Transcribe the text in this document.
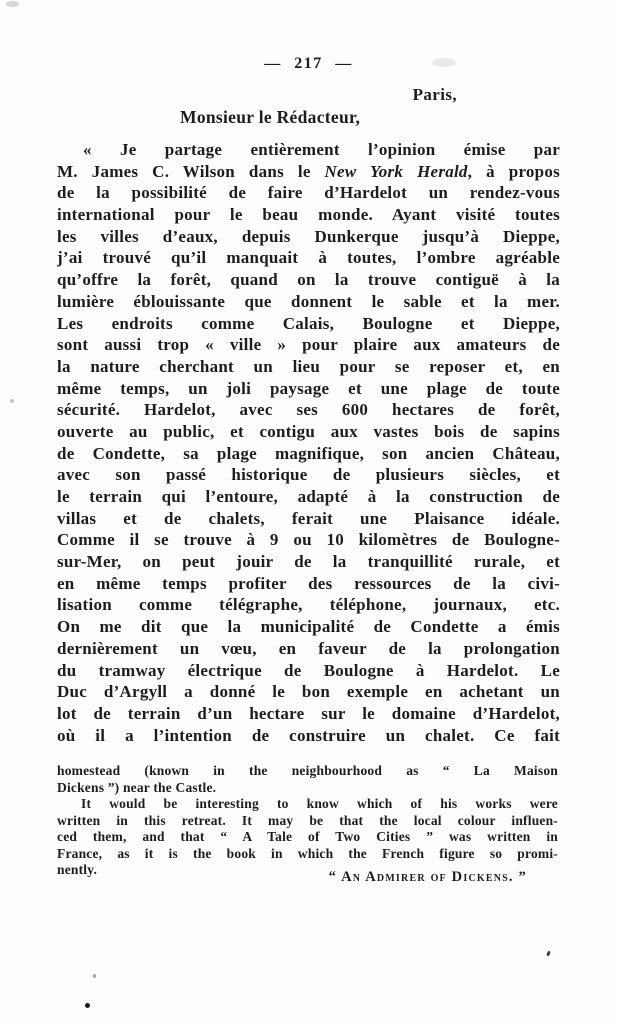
— 217 —
Paris,
Monsieur le Rédacteur,
« Je partage entièrement l’opinion émise par
M. James C. Wilson dans le New York Herald, à propos
de la possibilité de faire d’Hardelot un rendez-vous
international pour le beau monde. Ayant visité toutes
les villes d’eaux, depuis Dunkerque jusqu’à Dieppe,
j’ai trouvé qu’il manquait à toutes, l’ombre agréable
qu’offre la forêt, quand on la trouve contiguë à la
lumière éblouissante que donnent le sable et la mer.
Les endroits comme Calais, Boulogne et Dieppe,
sont aussi trop « ville » pour plaire aux amateurs de
la nature cherchant un lieu pour se reposer et, en
même temps, un joli paysage et une plage de toute
sécurité. Hardelot, avec ses 600 hectares de forêt,
ouverte au public, et contigu aux vastes bois de sapins
de Condette, sa plage magnifique, son ancien Château,
avec son passé historique de plusieurs siècles, et
le terrain qui l’entoure, adapté à la construction de
villas et de chalets, ferait une Plaisance idéale.
Comme il se trouve à 9 ou 10 kilomètres de Boulogne-
sur-Mer, on peut jouir de la tranquillité rurale, et
en même temps profiter des ressources de la civi-
lisation comme télégraphe, téléphone, journaux, etc.
On me dit que la municipalité de Condette a émis
dernièrement un vœu, en faveur de la prolongation
du tramway électrique de Boulogne à Hardelot. Le
Duc d’Argyll a donné le bon exemple en achetant un
lot de terrain d’un hectare sur le domaine d’Hardelot,
où il a l’intention de construire un chalet. Ce fait
homestead (known in the neighbourhood as “ La Maison
Dickens ”) near the Castle.
It would be interesting to know which of his works were
written in this retreat. It may be that the local colour influen-
ced them, and that “ A Tale of Two Cities ” was written in
France, as it is the book in which the French figure so promi-
nently.	“ An Admirer of Dickens. ”
